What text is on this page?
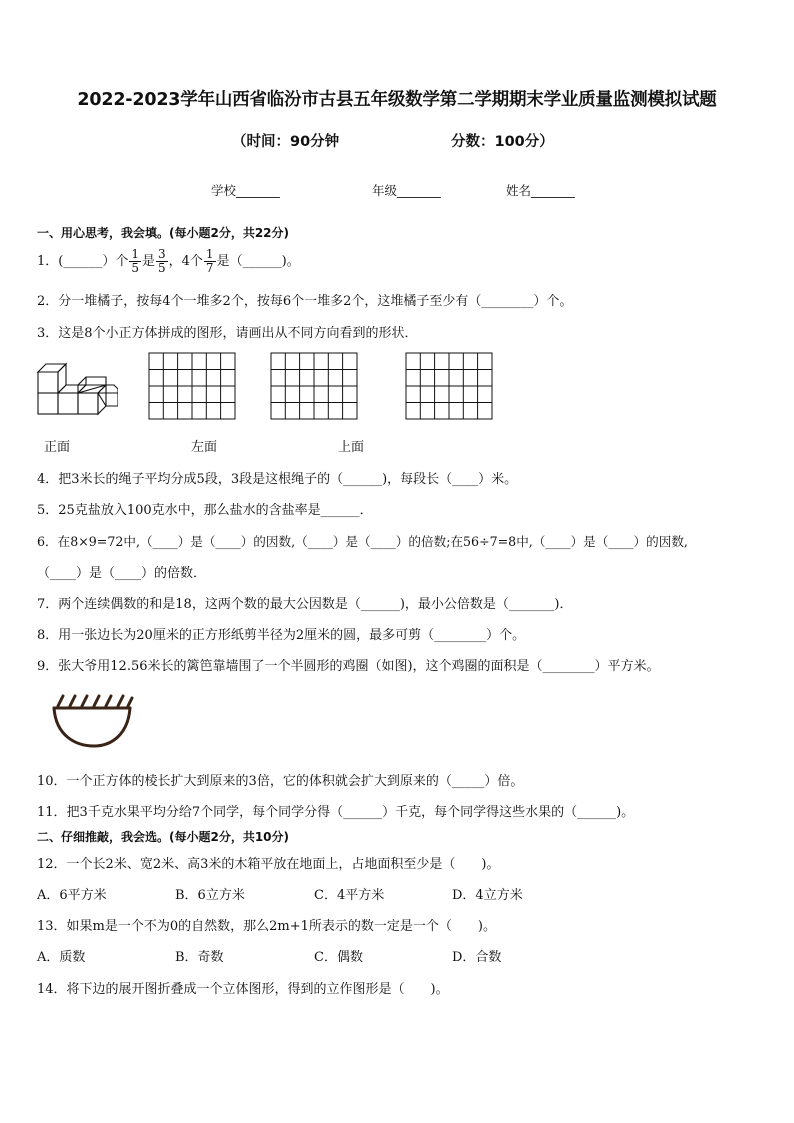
2022-2023学年山西省临汾市古县五年级数学第二学期期末学业质量监测模拟试题
（时间：90分钟	分数：100分）
学校_______	年级_______	姓名_______
一、用心思考，我会填。(每小题2分，共22分)
1．(______）个 $\frac{1}{5}$ 是 $\frac{3}{5}$ ，4个 $\frac{1}{7}$ 是（______)。
2．分一堆橘子，按每4个一堆多2个，按每6个一堆多2个，这堆橘子至少有（________）个。
3．这是8个小正方体拼成的图形，请画出从不同方向看到的形状．
正面	左面	上面
4．把3米长的绳子平均分成5段，3段是这根绳子的（______)，每段长（____）米。
5．25克盐放入100克水中，那么盐水的含盐率是______．
6．在8×9=72中,（____）是（____）的因数,（____）是（____）的倍数;在56÷7=8中,（____）是（____）的因数,
（____）是（____）的倍数．
7．两个连续偶数的和是18，这两个数的最大公因数是（______)，最小公倍数是（_______)．
8．用一张边长为20厘米的正方形纸剪半径为2厘米的圆，最多可剪（________）个。
9．张大爷用12.56米长的篱笆靠墙围了一个半圆形的鸡圈（如图)，这个鸡圈的面积是（________）平方米。
10．一个正方体的棱长扩大到原来的3倍，它的体积就会扩大到原来的（_____）倍。
11．把3千克水果平均分给7个同学，每个同学分得（______）千克，每个同学得这些水果的（______)。
二、仔细推敲，我会选。(每小题2分，共10分)
12．一个长2米、宽2米、高3米的木箱平放在地面上，占地面积至少是（　　)。
A．6平方米	B．6立方米	C．4平方米	D．4立方米
13．如果m是一个不为0的自然数，那么2m+1所表示的数一定是一个（　　)。
A．质数	B．奇数	C．偶数	D．合数
14．将下边的展开图折叠成一个立体图形，得到的立作图形是（　　)。
